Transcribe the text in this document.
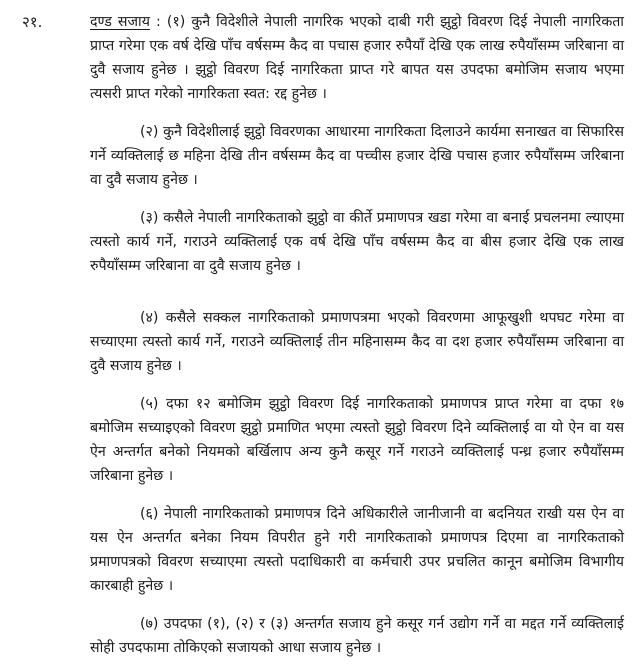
२१.	दण्ड सजाय : (१) कुनै विदेशीले नेपाली नागरिक भएको दाबी गरी झुट्ठो विवरण दिई नेपाली नागरिकता प्राप्त गरेमा एक वर्ष देखि पाँच वर्षसम्म कैद वा पचास हजार रुपैयाँ देखि एक लाख रुपैयाँसम्म जरिबाना वा दुवै सजाय हुनेछ । झुट्ठो विवरण दिई नागरिकता प्राप्त गरे बापत यस उपदफा बमोजिम सजाय भएमा त्यसरी प्राप्त गरेको नागरिकता स्वत: रद्द हुनेछ ।

(२) कुनै विदेशीलाई झुट्ठो विवरणका आधारमा नागरिकता दिलाउने कार्यमा सनाखत वा सिफारिस गर्ने व्यक्तिलाई छ महिना देखि तीन वर्षसम्म कैद वा पच्चीस हजार देखि पचास हजार रुपैयाँसम्म जरिबाना वा दुवै सजाय हुनेछ ।

(३) कसैले नेपाली नागरिकताको झुट्ठो वा कीर्ते प्रमाणपत्र खडा गरेमा वा बनाई प्रचलनमा ल्याएमा त्यस्तो कार्य गर्ने, गराउने व्यक्तिलाई एक वर्ष देखि पाँच वर्षसम्म कैद वा बीस हजार देखि एक लाख रुपैयाँसम्म जरिबाना वा दुवै सजाय हुनेछ ।

(४) कसैले सक्कल नागरिकताको प्रमाणपत्रमा भएको विवरणमा आफूखुशी थपघट गरेमा वा सच्याएमा त्यस्तो कार्य गर्ने, गराउने व्यक्तिलाई तीन महिनासम्म कैद वा दश हजार रुपैयाँसम्म जरिबाना वा दुवै सजाय हुनेछ ।

(५) दफा १२ बमोजिम झुट्ठो विवरण दिई नागरिकताको प्रमाणपत्र प्राप्त गरेमा वा दफा १७ बमोजिम सच्याइएको विवरण झुट्ठो प्रमाणित भएमा त्यस्तो झुट्ठो विवरण दिने व्यक्तिलाई वा यो ऐन वा यस ऐन अन्तर्गत बनेको नियमको बर्खिलाप अन्य कुनै कसूर गर्ने गराउने व्यक्तिलाई पन्ध्र हजार रुपैयाँसम्म जरिबाना हुनेछ ।

(६) नेपाली नागरिकताको प्रमाणपत्र दिने अधिकारीले जानीजानी वा बदनियत राखी यस ऐन वा यस ऐन अन्तर्गत बनेका नियम विपरीत हुने गरी नागरिकताको प्रमाणपत्र दिएमा वा नागरिकताको प्रमाणपत्रको विवरण सच्याएमा त्यस्तो पदाधिकारी वा कर्मचारी उपर प्रचलित कानून बमोजिम विभागीय कारबाही हुनेछ ।

(७) उपदफा (१), (२) र (३) अन्तर्गत सजाय हुने कसूर गर्न उद्योग गर्ने वा मद्दत गर्ने व्यक्तिलाई सोही उपदफामा तोकिएको सजायको आधा सजाय हुनेछ ।
